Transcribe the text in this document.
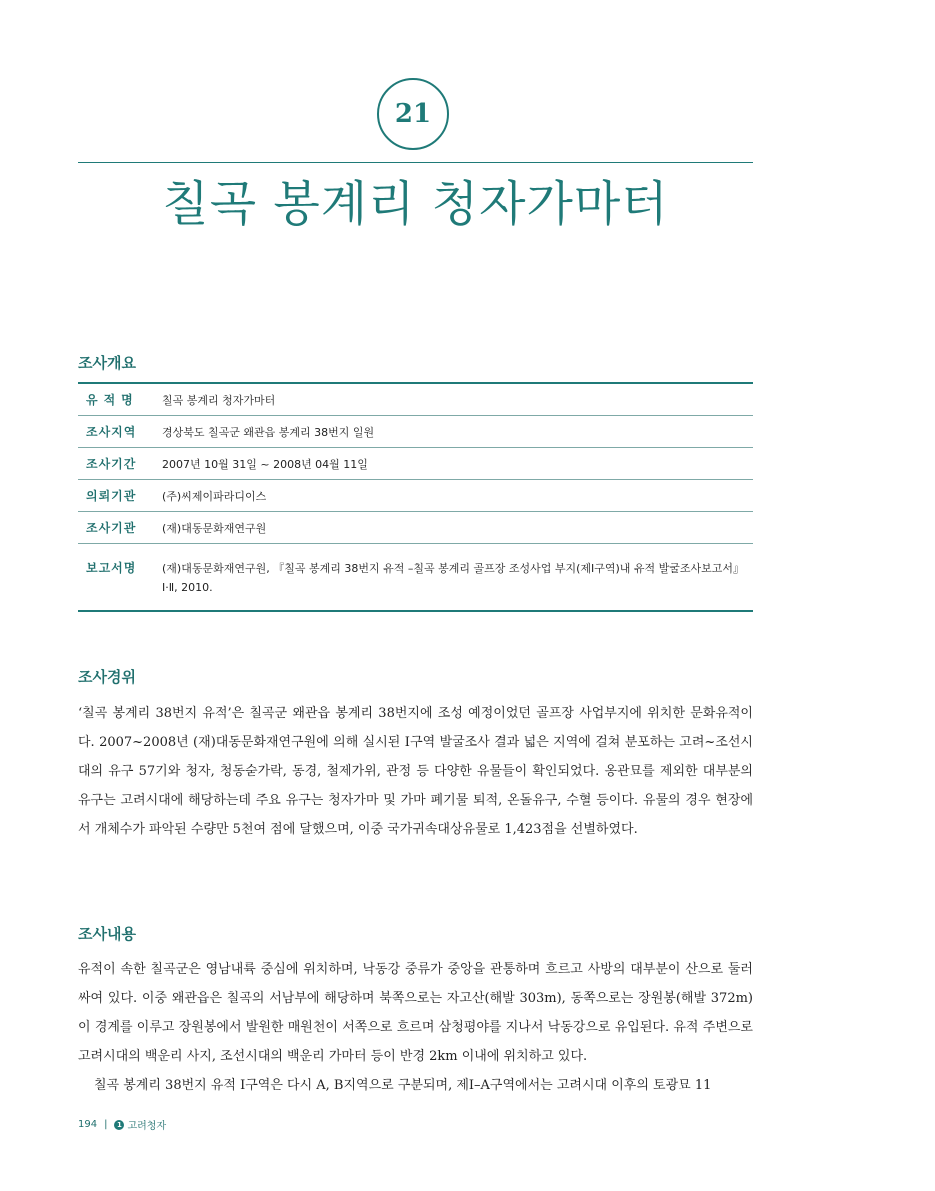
21
칠곡 봉계리 청자가마터
조사개요
유적명	칠곡 봉계리 청자가마터
조사지역	경상북도 칠곡군 왜관읍 봉계리 38번지 일원
조사기간	2007년 10월 31일 ~ 2008년 04월 11일
의뢰기관	(주)씨제이파라디이스
조사기관	(재)대동문화재연구원
보고서명	(재)대동문화재연구원, 『칠곡 봉계리 38번지 유적 –칠곡 봉계리 골프장 조성사업 부지(제Ⅰ구역)내 유적 발굴조사보고서』 Ⅰ·Ⅱ, 2010.
조사경위

‘칠곡 봉계리 38번지 유적’은 칠곡군 왜관읍 봉계리 38번지에 조성 예정이었던 골프장 사업부지에 위치한 문화유적이다. 2007~2008년 (재)대동문화재연구원에 의해 실시된 Ⅰ구역 발굴조사 결과 넓은 지역에 걸쳐 분포하는 고려~조선시대의 유구 57기와 청자, 청동숟가락, 동경, 철제가위, 관정 등 다양한 유물들이 확인되었다. 옹관묘를 제외한 대부분의 유구는 고려시대에 해당하는데 주요 유구는 청자가마 및 가마 폐기물 퇴적, 온돌유구, 수혈 등이다. 유물의 경우 현장에서 개체수가 파악된 수량만 5천여 점에 달했으며, 이중 국가귀속대상유물로 1,423점을 선별하였다.

조사내용

유적이 속한 칠곡군은 영남내륙 중심에 위치하며, 낙동강 중류가 중앙을 관통하며 흐르고 사방의 대부분이 산으로 둘러싸여 있다. 이중 왜관읍은 칠곡의 서남부에 해당하며 북쪽으로는 자고산(해발 303m), 동쪽으로는 장원봉(해발 372m)이 경계를 이루고 장원봉에서 발원한 매원천이 서쪽으로 흐르며 삼청평야를 지나서 낙동강으로 유입된다. 유적 주변으로 고려시대의 백운리 사지, 조선시대의 백운리 가마터 등이 반경 2km 이내에 위치하고 있다.

칠곡 봉계리 38번지 유적 Ⅰ구역은 다시 A, B지역으로 구분되며, 제Ⅰ–A구역에서는 고려시대 이후의 토광묘 11

194 |	1 고려청자
